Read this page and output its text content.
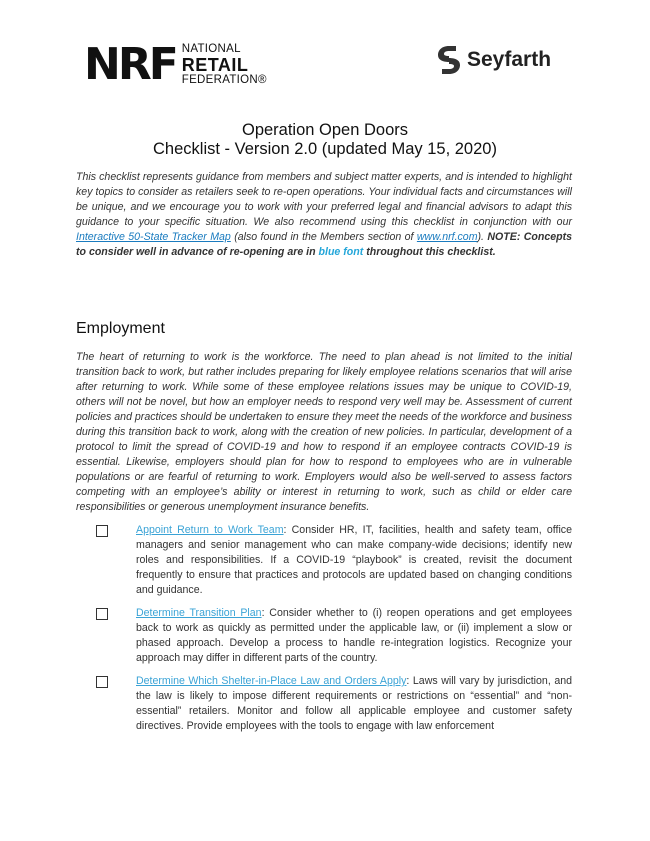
NRF NATIONAL
RETAIL
FEDERATION®
Seyfarth
Operation Open Doors
Checklist - Version 2.0 (updated May 15, 2020)

This checklist represents guidance from members and subject matter experts, and is intended to highlight key topics to consider as retailers seek to re-open operations. Your individual facts and circumstances will be unique, and we encourage you to work with your preferred legal and financial advisors to adapt this guidance to your specific situation. We also recommend using this checklist in conjunction with our Interactive 50-State Tracker Map (also found in the Members section of www.nrf.com). NOTE: Concepts to consider well in advance of re-opening are in blue font throughout this checklist.

Employment

The heart of returning to work is the workforce. The need to plan ahead is not limited to the initial transition back to work, but rather includes preparing for likely employee relations scenarios that will arise after returning to work. While some of these employee relations issues may be unique to COVID-19, others will not be novel, but how an employer needs to respond very well may be. Assessment of current policies and practices should be undertaken to ensure they meet the needs of the workforce and business during this transition back to work, along with the creation of new policies. In particular, development of a protocol to limit the spread of COVID-19 and how to respond if an employee contracts COVID-19 is essential. Likewise, employers should plan for how to respond to employees who are in vulnerable populations or are fearful of returning to work. Employers would also be well-served to assess factors competing with an employee’s ability or interest in returning to work, such as child or elder care responsibilities or generous unemployment insurance benefits.

Appoint Return to Work Team: Consider HR, IT, facilities, health and safety team, office managers and senior management who can make company-wide decisions; identify new roles and responsibilities. If a COVID-19 “playbook” is created, revisit the document frequently to ensure that practices and protocols are updated based on changing conditions and guidance.
Determine Transition Plan: Consider whether to (i) reopen operations and get employees back to work as quickly as permitted under the applicable law, or (ii) implement a slow or phased approach. Develop a process to handle re-integration logistics. Recognize your approach may differ in different parts of the country.
Determine Which Shelter-in-Place Law and Orders Apply: Laws will vary by jurisdiction, and the law is likely to impose different requirements or restrictions on “essential” and “non-essential” retailers. Monitor and follow all applicable employee and customer safety directives. Provide employees with the tools to engage with law enforcement
